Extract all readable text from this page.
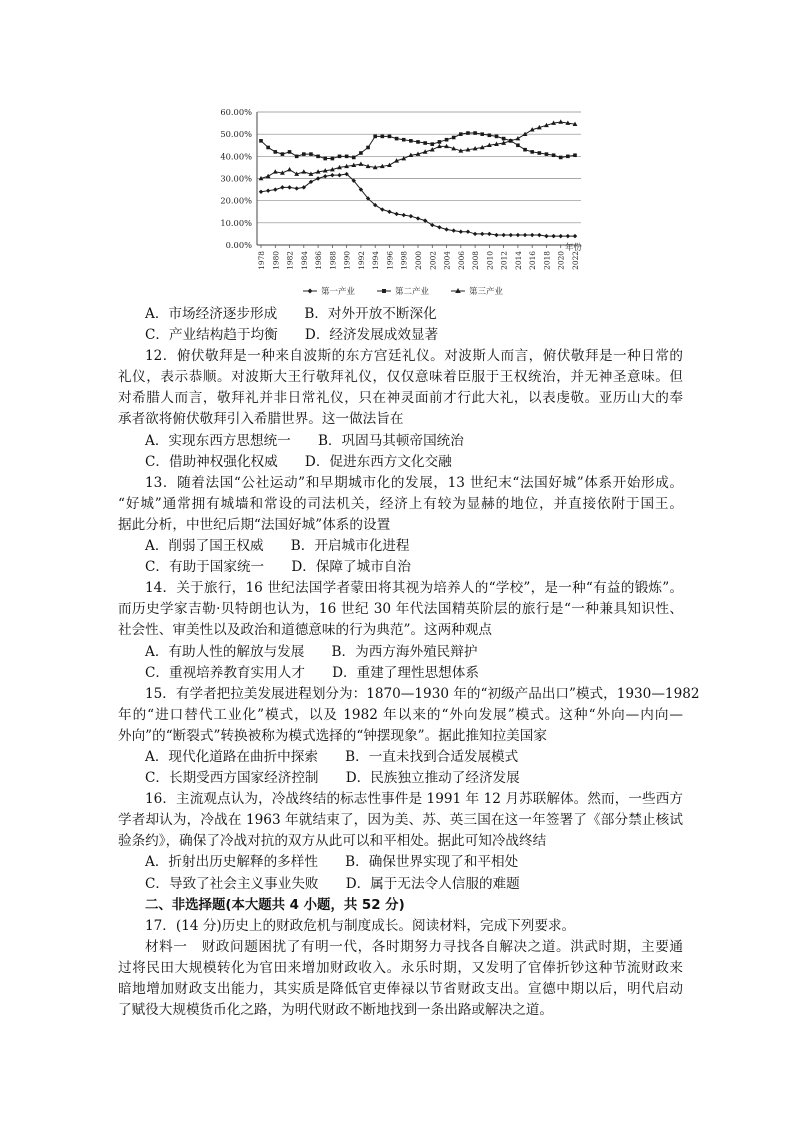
0.00%
10.00%
20.00%
30.00%
40.00%
50.00%
60.00%
1978 1980 1982 1984 1986 1988 1990 1992 1994 1996 1998 2000 2002 2004 2006 2008 2010 2012 2014 2016 2018 2020 2022
年份
第一产业	第二产业	第三产业
A．市场经济逐步形成　　B．对外开放不断深化
C．产业结构趋于均衡　　D．经济发展成效显著
12．俯伏敬拜是一种来自波斯的东方宫廷礼仪。对波斯人而言，俯伏敬拜是一种日常的
礼仪，表示恭顺。对波斯大王行敬拜礼仪，仅仅意味着臣服于王权统治，并无神圣意味。但
对希腊人而言，敬拜礼并非日常礼仪，只在神灵面前才行此大礼，以表虔敬。亚历山大的奉
承者欲将俯伏敬拜引入希腊世界。这一做法旨在
A．实现东西方思想统一　　B．巩固马其顿帝国统治
C．借助神权强化权威　　D．促进东西方文化交融
13．随着法国“公社运动”和早期城市化的发展，13 世纪末“法国好城”体系开始形成。
“好城”通常拥有城墙和常设的司法机关，经济上有较为显赫的地位，并直接依附于国王。
据此分析，中世纪后期“法国好城”体系的设置
A．削弱了国王权威　　B．开启城市化进程
C．有助于国家统一　　D．保障了城市自治
14．关于旅行，16 世纪法国学者蒙田将其视为培养人的“学校”，是一种“有益的锻炼”。
而历史学家吉勒·贝特朗也认为，16 世纪 30 年代法国精英阶层的旅行是“一种兼具知识性、
社会性、审美性以及政治和道德意味的行为典范”。这两种观点
A．有助人性的解放与发展　　B．为西方海外殖民辩护
C．重视培养教育实用人才　　D．重建了理性思想体系
15．有学者把拉美发展进程划分为：1870—1930 年的“初级产品出口”模式，1930—1982
年的“进口替代工业化”模式，以及 1982 年以来的“外向发展”模式。这种“外向—内向—
外向”的“断裂式”转换被称为模式选择的“钟摆现象”。据此推知拉美国家
A．现代化道路在曲折中探索　　B．一直未找到合适发展模式
C．长期受西方国家经济控制　　D．民族独立推动了经济发展
16．主流观点认为，冷战终结的标志性事件是 1991 年 12 月苏联解体。然而，一些西方
学者却认为，冷战在 1963 年就结束了，因为美、苏、英三国在这一年签署了《部分禁止核试
验条约》，确保了冷战对抗的双方从此可以和平相处。据此可知冷战终结
A．折射出历史解释的多样性　　B．确保世界实现了和平相处
C．导致了社会主义事业失败　　D．属于无法令人信服的难题
二、非选择题(本大题共 4 小题，共 52 分)
17．(14 分)历史上的财政危机与制度成长。阅读材料，完成下列要求。
材料一　财政问题困扰了有明一代，各时期努力寻找各自解决之道。洪武时期，主要通
过将民田大规模转化为官田来增加财政收入。永乐时期，又发明了官俸折钞这种节流财政来
暗地增加财政支出能力，其实质是降低官吏俸禄以节省财政支出。宣德中期以后，明代启动
了赋役大规模货币化之路，为明代财政不断地找到一条出路或解决之道。
